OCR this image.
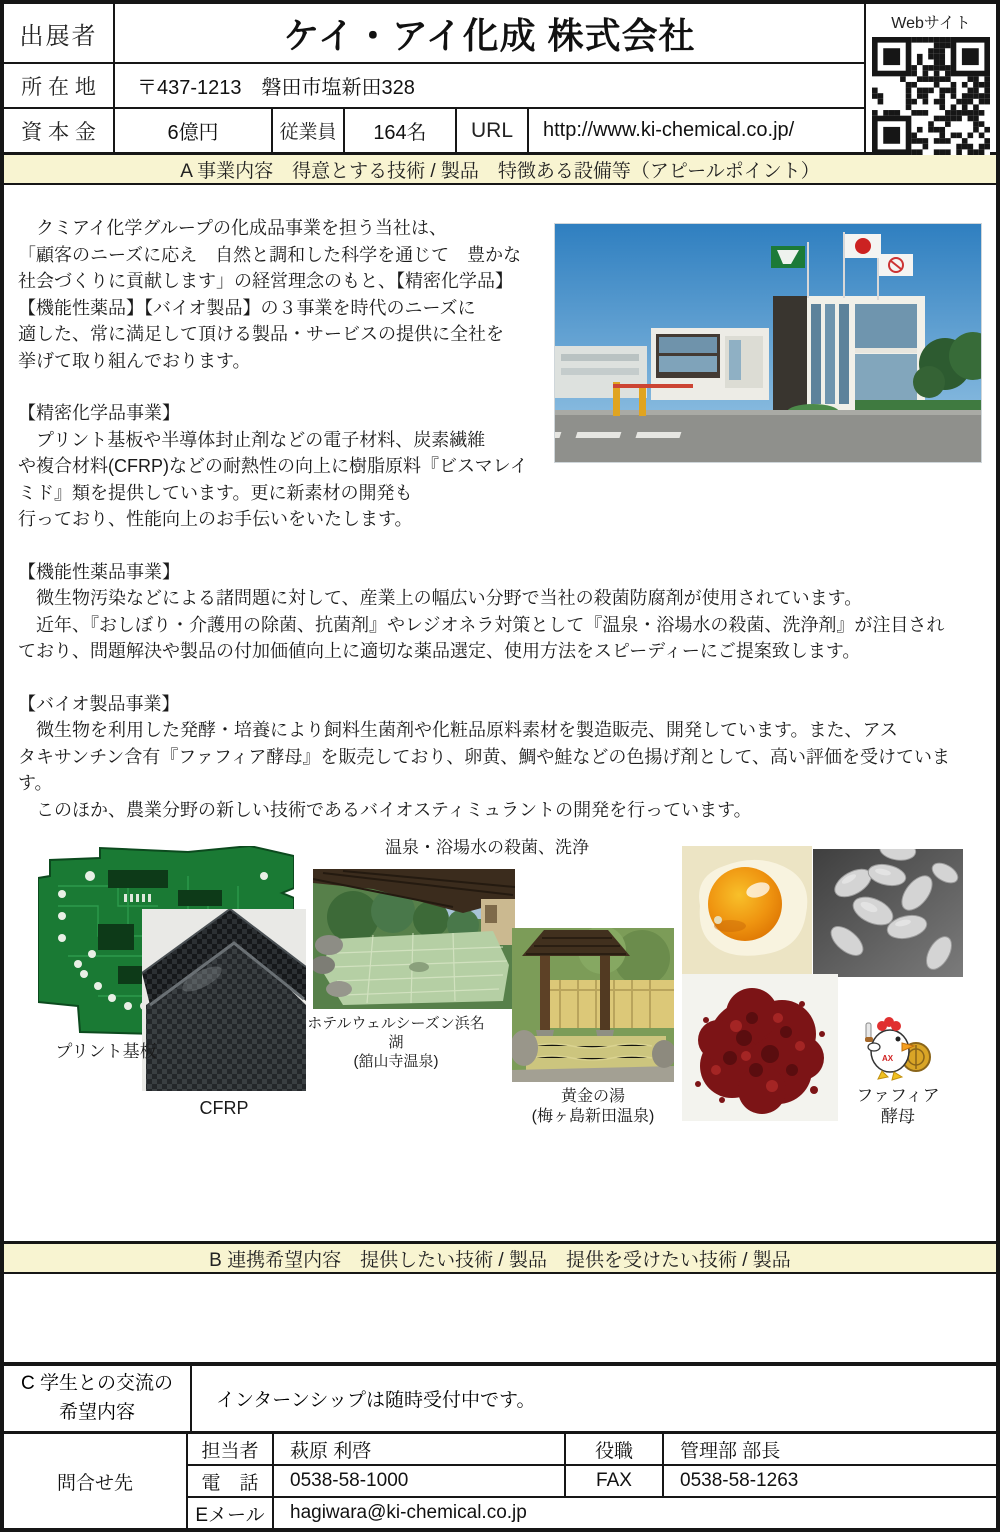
出展者	ケイ・アイ化成 株式会社	Webサイト
所 在 地	〒437-1213　磐田市塩新田328
資 本 金	6億円	従業員	164名	URL	http://www.ki-chemical.co.jp/
A 事業内容　得意とする技術 / 製品　特徴ある設備等（アピールポイント）

　クミアイ化学グループの化成品事業を担う当社は、
「顧客のニーズに応え　自然と調和した科学を通じて　豊かな
社会づくりに貢献します」の経営理念のもと、【精密化学品】
【機能性薬品】【バイオ製品】の３事業を時代のニーズに
適した、常に満足して頂ける製品・サービスの提供に全社を
挙げて取り組んでおります。

【精密化学品事業】
　プリント基板や半導体封止剤などの電子材料、炭素繊維
や複合材料(CFRP)などの耐熱性の向上に樹脂原料『ビスマレイミド』類を提供しています。更に新素材の開発も
行っており、性能向上のお手伝いをいたします。

【機能性薬品事業】
　微生物汚染などによる諸問題に対して、産業上の幅広い分野で当社の殺菌防腐剤が使用されています。
　近年、『おしぼり・介護用の除菌、抗菌剤』やレジオネラ対策として『温泉・浴場水の殺菌、洗浄剤』が注目され
ており、問題解決や製品の付加価値向上に適切な薬品選定、使用方法をスピーディーにご提案致します。

【バイオ製品事業】
　微生物を利用した発酵・培養により飼料生菌剤や化粧品原料素材を製造販売、開発しています。また、アス
タキサンチン含有『ファフィア酵母』を販売しており、卵黄、鯛や鮭などの色揚げ剤として、高い評価を受けています。
　このほか、農業分野の新しい技術であるバイオスティミュラントの開発を行っています。

温泉・浴場水の殺菌、洗浄
プリント基板
CFRP
ホテルウェルシーズン浜名湖
(舘山寺温泉)
黄金の湯
(梅ヶ島新田温泉)
AX
ファフィア
酵母
B 連携希望内容　提供したい技術 / 製品　提供を受けたい技術 / 製品
C 学生との交流の
希望内容
インターンシップは随時受付中です。
問合せ先
担当者	萩原 利啓	役職	管理部 部長
電　話	0538-58-1000	FAX	0538-58-1263
Eメール	hagiwara@ki-chemical.co.jp
